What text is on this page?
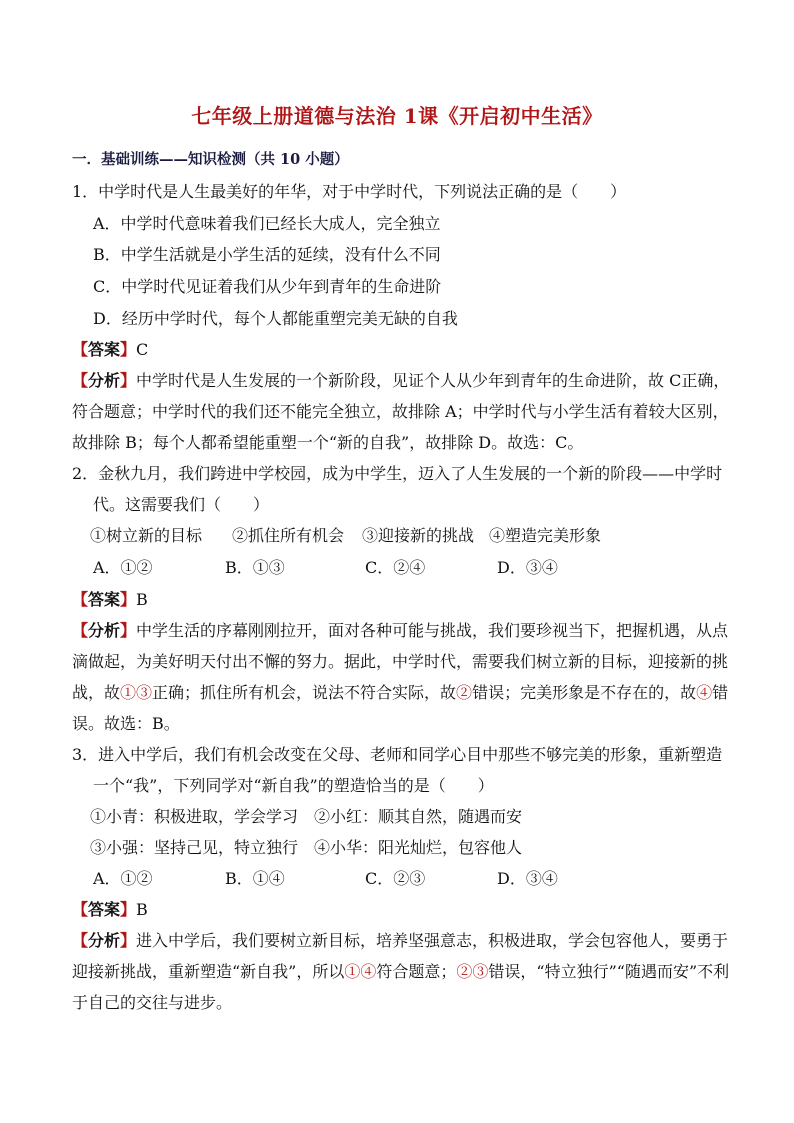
七年级上册道德与法治 1课《开启初中生活》
一．基础训练——知识检测（共 10 小题）
1．中学时代是人生最美好的年华，对于中学时代，下列说法正确的是（　　）
A．中学时代意味着我们已经长大成人，完全独立
B．中学生活就是小学生活的延续，没有什么不同
C．中学时代见证着我们从少年到青年的生命进阶
D．经历中学时代，每个人都能重塑完美无缺的自我
【答案】C
【分析】中学时代是人生发展的一个新阶段，见证个人从少年到青年的生命进阶，故 C正确，
符合题意；中学时代的我们还不能完全独立，故排除 A；中学时代与小学生活有着较大区别，
故排除 B；每个人都希望能重塑一个“新的自我”，故排除 D。故选：C。
2．金秋九月，我们跨进中学校园，成为中学生，迈入了人生发展的一个新的阶段——中学时
代。这需要我们（　　）
①树立新的目标	②抓住所有机会	③迎接新的挑战 ④塑造完美形象
A．①②	B．①③	C．②④	D．③④
【答案】B
【分析】中学生活的序幕刚刚拉开，面对各种可能与挑战，我们要珍视当下，把握机遇，从点
滴做起，为美好明天付出不懈的努力。据此，中学时代，需要我们树立新的目标，迎接新的挑
战，故①③正确；抓住所有机会，说法不符合实际，故②错误；完美形象是不存在的，故④错
误。故选：B。
3．进入中学后，我们有机会改变在父母、老师和同学心目中那些不够完美的形象，重新塑造
一个“我”，下列同学对“新自我”的塑造恰当的是（　　）
①小青：积极进取，学会学习　②小红：顺其自然，随遇而安
③小强：坚持己见，特立独行　④小华：阳光灿烂，包容他人
A．①②	B．①④	C．②③	D．③④
【答案】B
【分析】进入中学后，我们要树立新目标，培养坚强意志，积极进取，学会包容他人，要勇于
迎接新挑战，重新塑造“新自我”，所以①④符合题意；②③错误，“特立独行”“随遇而安”不利
于自己的交往与进步。
